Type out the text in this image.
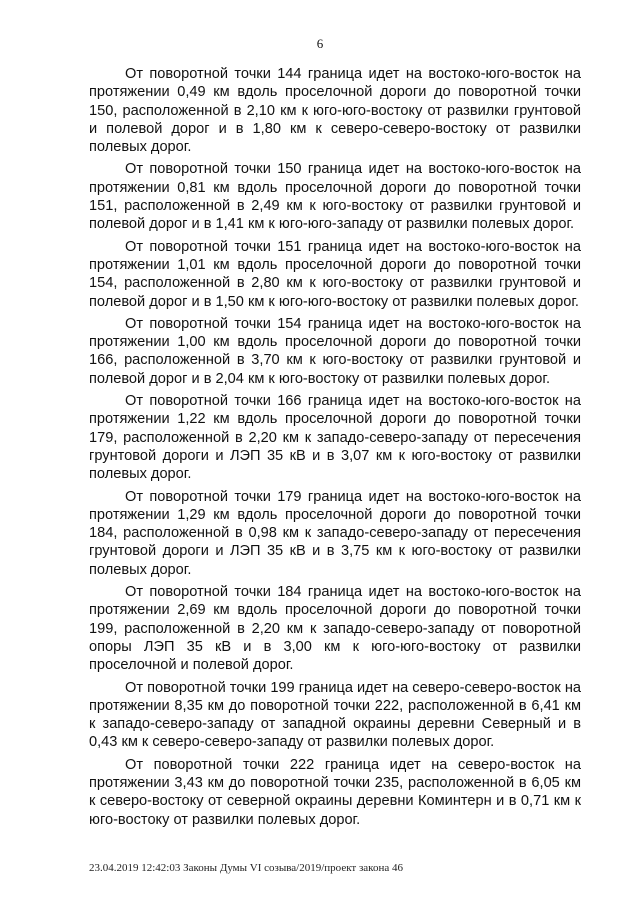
6

От поворотной точки 144 граница идет на востоко-юго-восток на протяжении 0,49 км вдоль проселочной дороги до поворотной точки 150, расположенной в 2,10 км к юго-юго-востоку от развилки грунтовой и полевой дорог и в 1,80 км к северо-северо-востоку от развилки полевых дорог.

От поворотной точки 150 граница идет на востоко-юго-восток на протяжении 0,81 км вдоль проселочной дороги до поворотной точки 151, расположенной в 2,49 км к юго-востоку от развилки грунтовой и полевой дорог и в 1,41 км к юго-юго-западу от развилки полевых дорог.

От поворотной точки 151 граница идет на востоко-юго-восток на протяжении 1,01 км вдоль проселочной дороги до поворотной точки 154, расположенной в 2,80 км к юго-востоку от развилки грунтовой и полевой дорог и в 1,50 км к юго-юго-востоку от развилки полевых дорог.

От поворотной точки 154 граница идет на востоко-юго-восток на протяжении 1,00 км вдоль проселочной дороги до поворотной точки 166, расположенной в 3,70 км к юго-востоку от развилки грунтовой и полевой дорог и в 2,04 км к юго-востоку от развилки полевых дорог.

От поворотной точки 166 граница идет на востоко-юго-восток на протяжении 1,22 км вдоль проселочной дороги до поворотной точки 179, расположенной в 2,20 км к западо-северо-западу от пересечения грунтовой дороги и ЛЭП 35 кВ и в 3,07 км к юго-востоку от развилки полевых дорог.

От поворотной точки 179 граница идет на востоко-юго-восток на протяжении 1,29 км вдоль проселочной дороги до поворотной точки 184, расположенной в 0,98 км к западо-северо-западу от пересечения грунтовой дороги и ЛЭП 35 кВ и в 3,75 км к юго-востоку от развилки полевых дорог.

От поворотной точки 184 граница идет на востоко-юго-восток на протяжении 2,69 км вдоль проселочной дороги до поворотной точки 199, расположенной в 2,20 км к западо-северо-западу от поворотной опоры ЛЭП 35 кВ и в 3,00 км к юго-юго-востоку от развилки проселочной и полевой дорог.

От поворотной точки 199 граница идет на северо-северо-восток на протяжении 8,35 км до поворотной точки 222, расположенной в 6,41 км к западо-северо-западу от западной окраины деревни Северный и в 0,43 км к северо-северо-западу от развилки полевых дорог.

От поворотной точки 222 граница идет на северо-восток на протяжении 3,43 км до поворотной точки 235, расположенной в 6,05 км к северо-востоку от северной окраины деревни Коминтерн и в 0,71 км к юго-востоку от развилки полевых дорог.

23.04.2019 12:42:03 Законы Думы VI созыва/2019/проект закона 46
